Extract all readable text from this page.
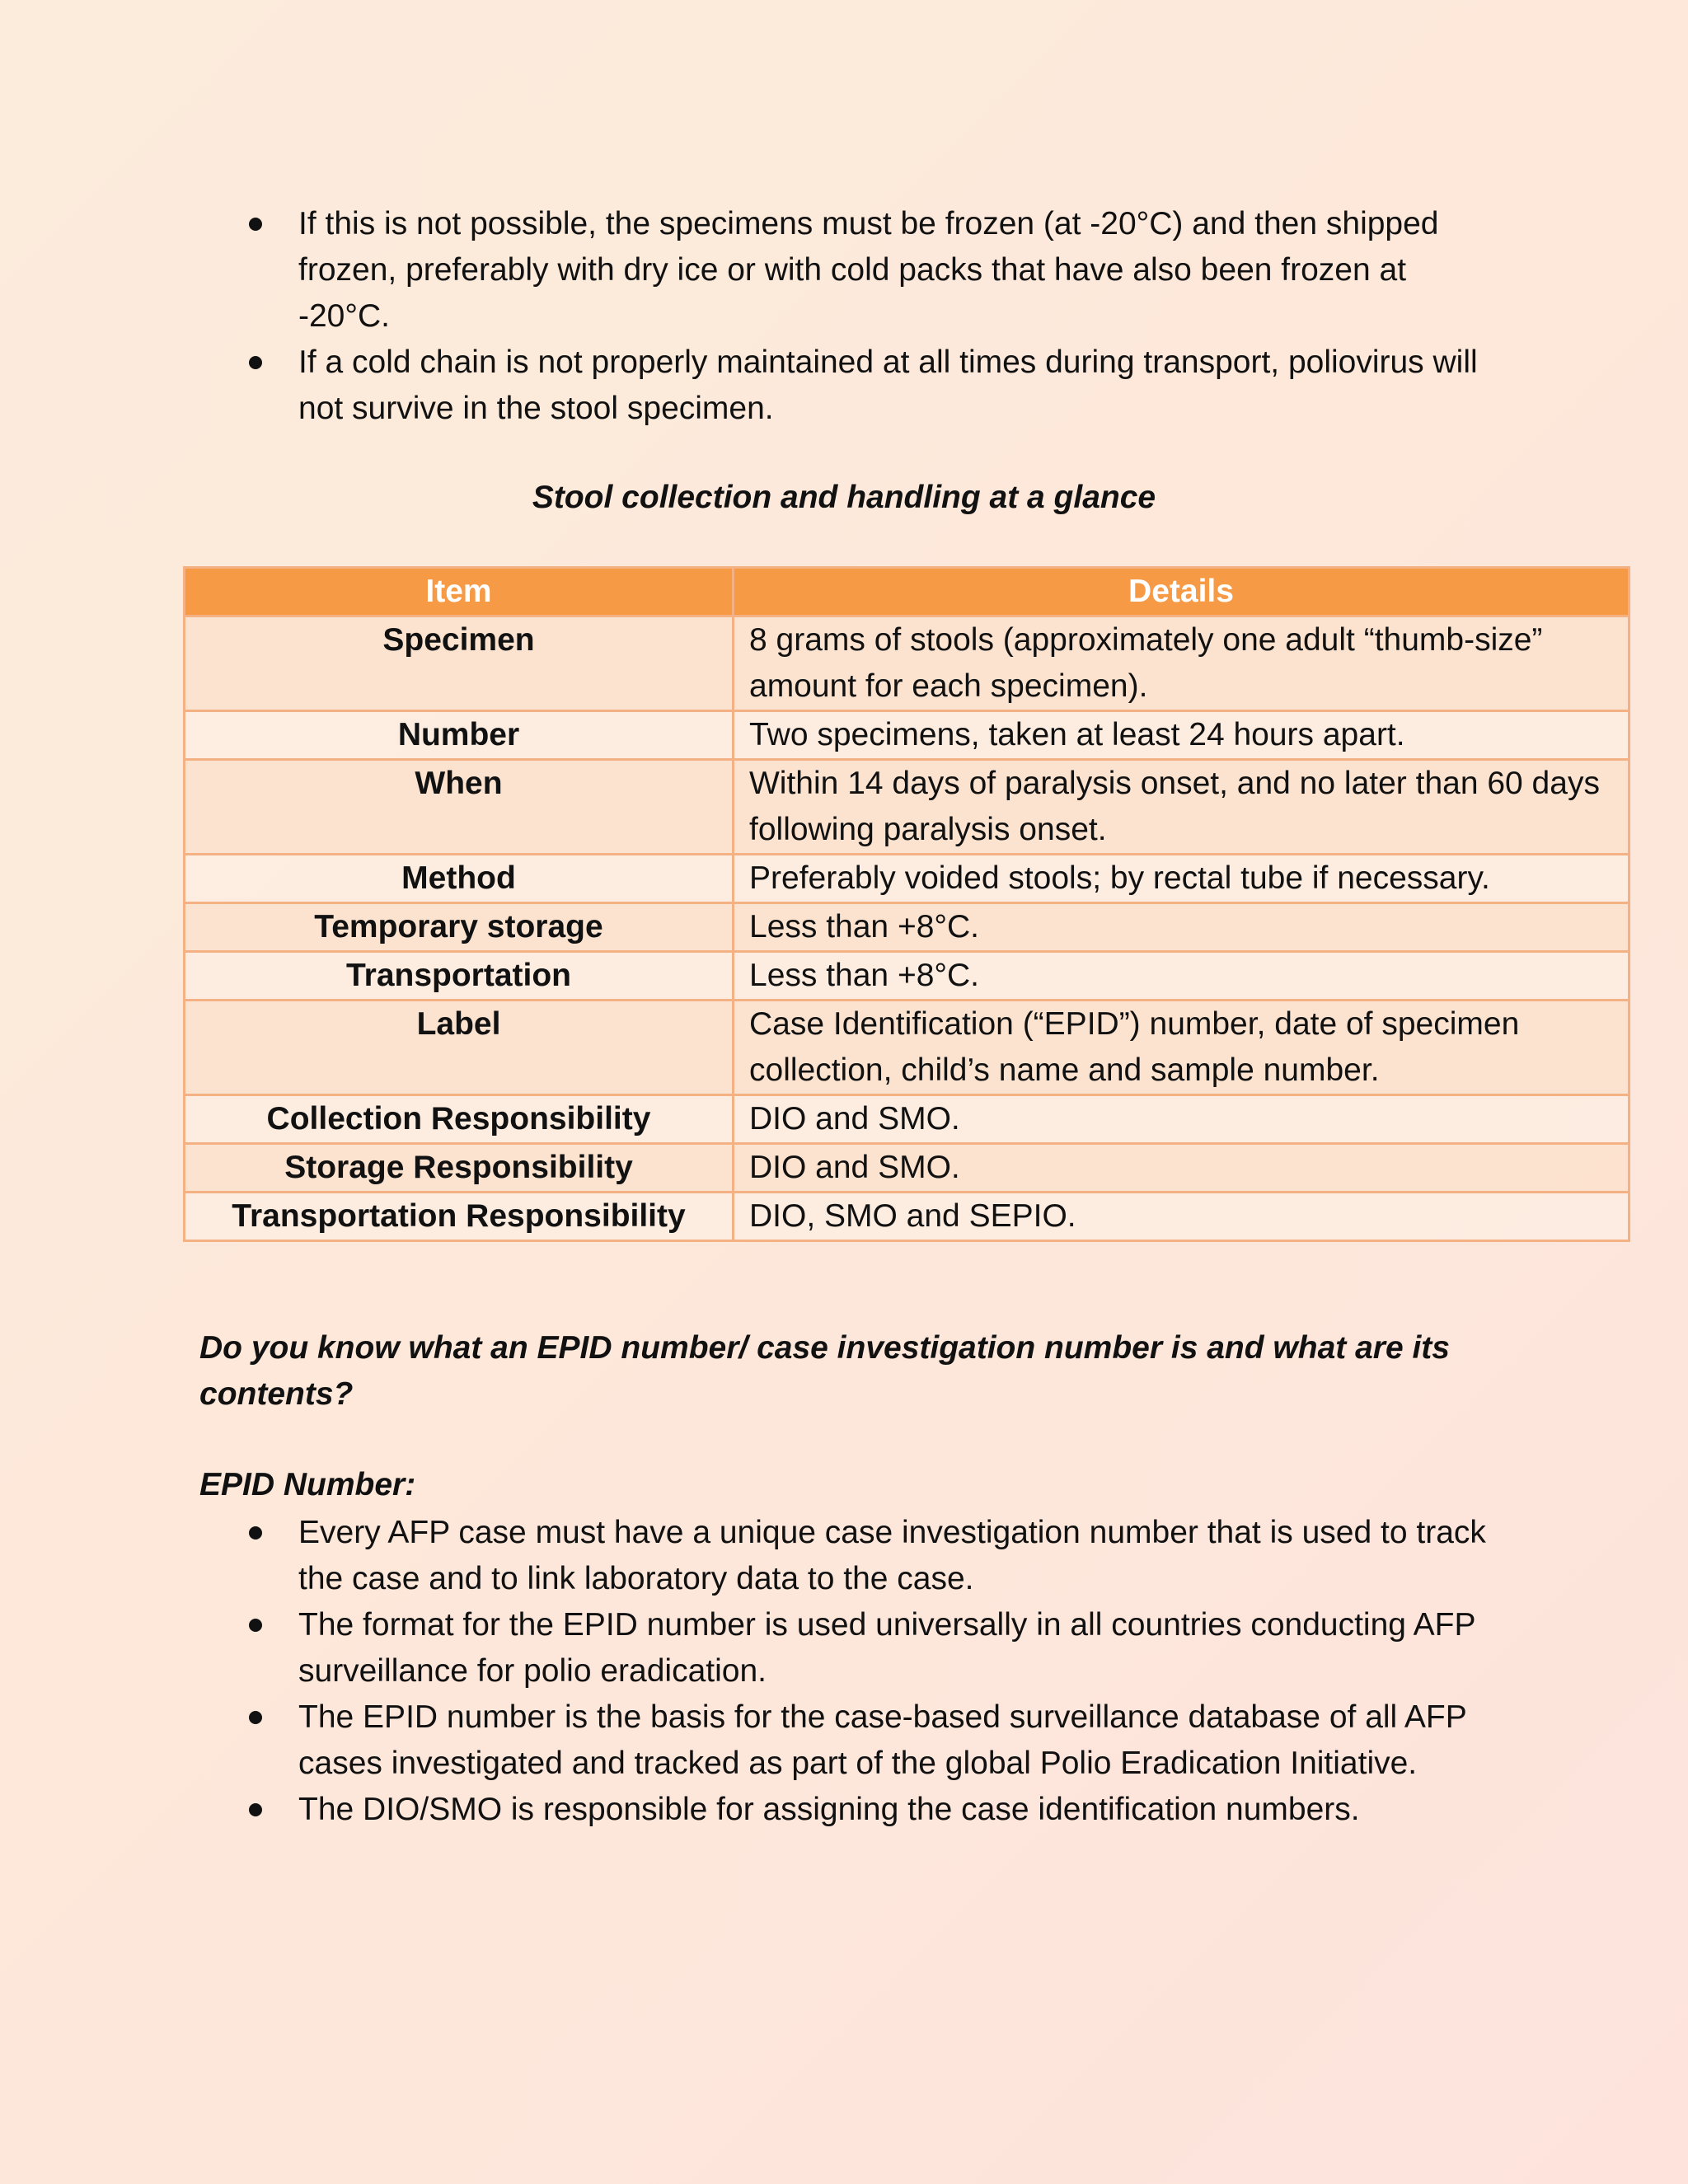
If this is not possible, the specimens must be frozen (at -20°C) and then shipped frozen, preferably with dry ice or with cold packs that have also been frozen at -20°C.
If a cold chain is not properly maintained at all times during transport, poliovirus will not survive in the stool specimen.
Stool collection and handling at a glance
Item	Details
Specimen	8 grams of stools (approximately one adult “thumb-size” amount for each specimen).
Number	Two specimens, taken at least 24 hours apart.
When	Within 14 days of paralysis onset, and no later than 60 days following paralysis onset.
Method	Preferably voided stools; by rectal tube if necessary.
Temporary storage	Less than +8°C.
Transportation	Less than +8°C.
Label	Case Identification (“EPID”) number, date of specimen collection, child’s name and sample number.
Collection Responsibility	DIO and SMO.
Storage Responsibility	DIO and SMO.
Transportation Responsibility	DIO, SMO and SEPIO.
Do you know what an EPID number/ case investigation number is and what are its contents?
EPID Number:
Every AFP case must have a unique case investigation number that is used to track the case and to link laboratory data to the case.
The format for the EPID number is used universally in all countries conducting AFP surveillance for polio eradication.
The EPID number is the basis for the case-based surveillance database of all AFP cases investigated and tracked as part of the global Polio Eradication Initiative.
The DIO/SMO is responsible for assigning the case identification numbers.
